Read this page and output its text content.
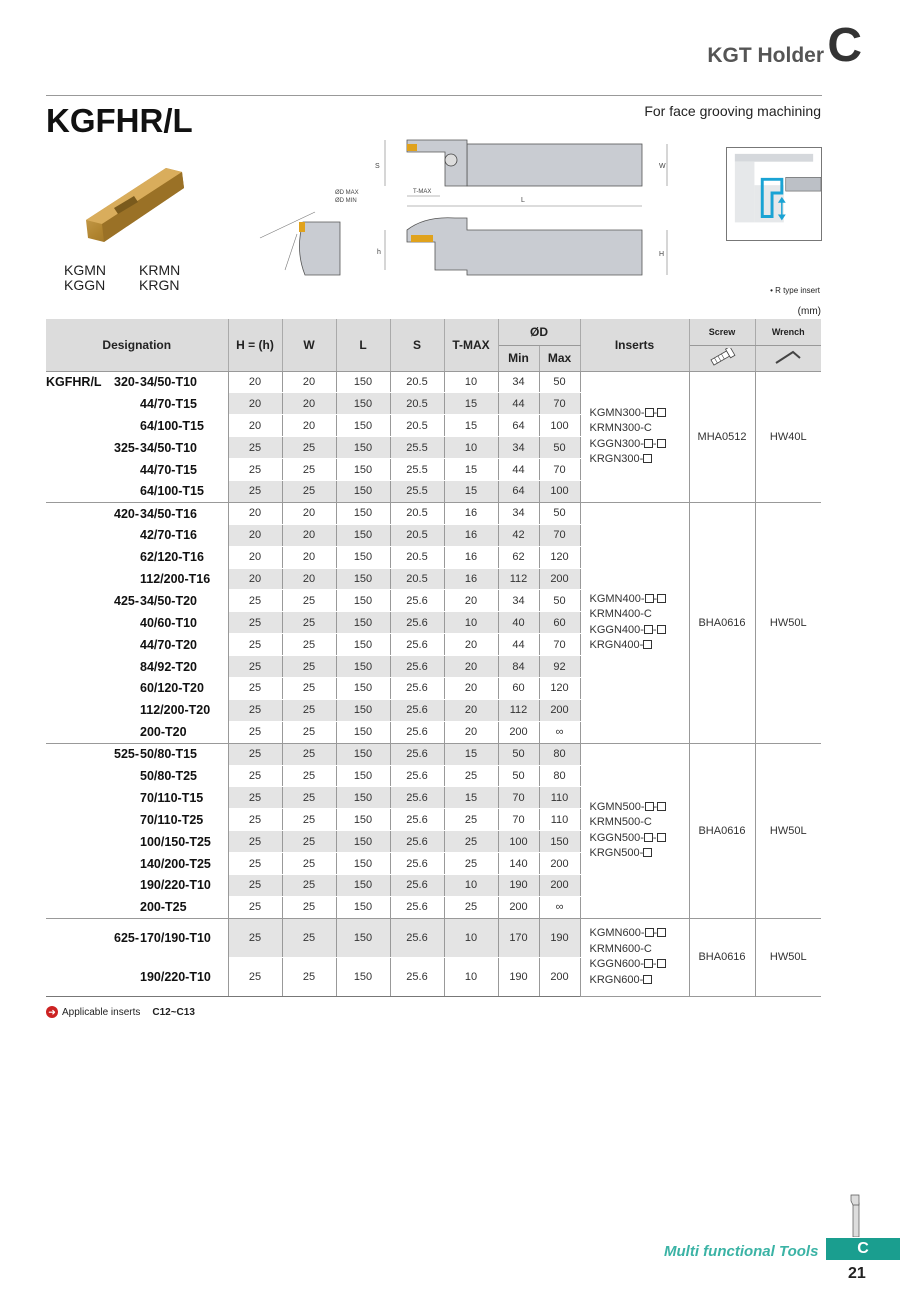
KGT Holder C
KGFHR/L	For face grooving machining
KGMN KRMN
KGGN KRGN
S	W
L
T-MAX
ØD MAX
ØD MIN
h	H
• R type insert
(mm)
Designation	H = (h)	W	L	S	T-MAX	ØD		Inserts	Screw	Wrench
						Min	Max		
KGFHR/L 320-34/50-T10	20	20	150	20.5	10	34	50	KGMN300- -
KRMN300-C
KGGN300- -
KRGN300-	MHA0512	HW40L
44/70-T15	20	20	150	20.5	15	44	70			
64/100-T15	20	20	150	20.5	15	64	100			
325-34/50-T10	25	25	150	25.5	10	34	50			
44/70-T15	25	25	150	25.5	15	44	70			
64/100-T15	25	25	150	25.5	15	64	100			
420-34/50-T16	20	20	150	20.5	16	34	50	KGMN400- -
KRMN400-C
KGGN400- -
KRGN400-	BHA0616	HW50L
42/70-T16	20	20	150	20.5	16	42	70			
62/120-T16	20	20	150	20.5	16	62	120			
112/200-T16	20	20	150	20.5	16	112	200			
425-34/50-T20	25	25	150	25.6	20	34	50			
40/60-T10	25	25	150	25.6	10	40	60			
44/70-T20	25	25	150	25.6	20	44	70			
84/92-T20	25	25	150	25.6	20	84	92			
60/120-T20	25	25	150	25.6	20	60	120			
112/200-T20	25	25	150	25.6	20	112	200			
200-T20	25	25	150	25.6	20	200	∞			
525-50/80-T15	25	25	150	25.6	15	50	80	KGMN500- -
KRMN500-C
KGGN500- -
KRGN500-	BHA0616	HW50L
50/80-T25	25	25	150	25.6	25	50	80			
70/110-T15	25	25	150	25.6	15	70	110			
70/110-T25	25	25	150	25.6	25	70	110			
100/150-T25	25	25	150	25.6	25	100	150			
140/200-T25	25	25	150	25.6	25	140	200			
190/220-T10	25	25	150	25.6	10	190	200			
200-T25	25	25	150	25.6	25	200	∞			
625-170/190-T10	25	25	150	25.6	10	170	190	KGMN600- -
KRMN600-C
KGGN600- -
KRGN600-	BHA0616	HW50L
190/220-T10	25	25	150	25.6	10	190	200			
➜ Applicable inserts C12~C13
Multi functional Tools	C
21
